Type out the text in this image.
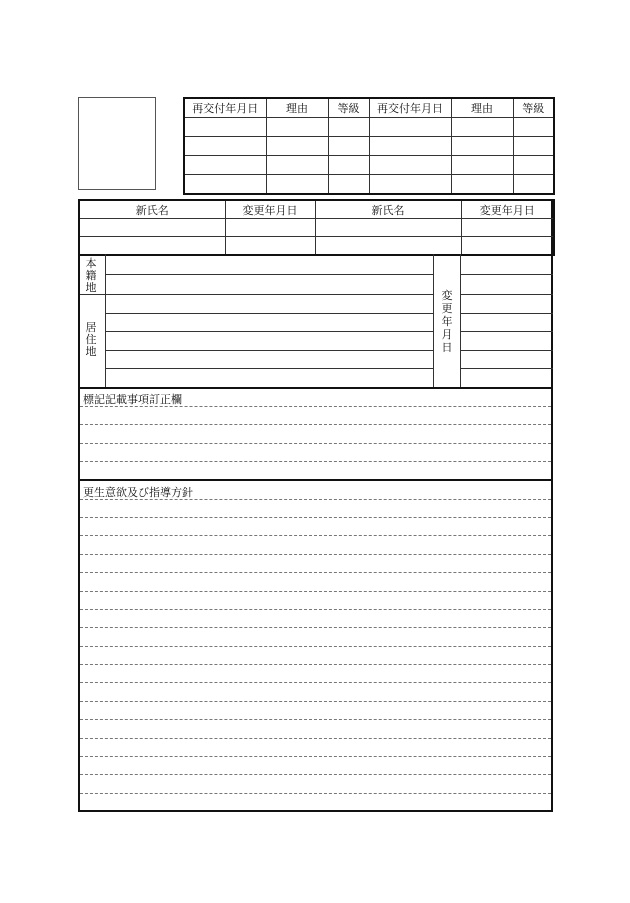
再交付年月日	理由	等級	再交付年月日	理由	等級

新氏名	変更年月日	新氏名	変更年月日

本籍地
居住地
変更年月日
標記記載事項訂正欄
更生意欲及び指導方針
